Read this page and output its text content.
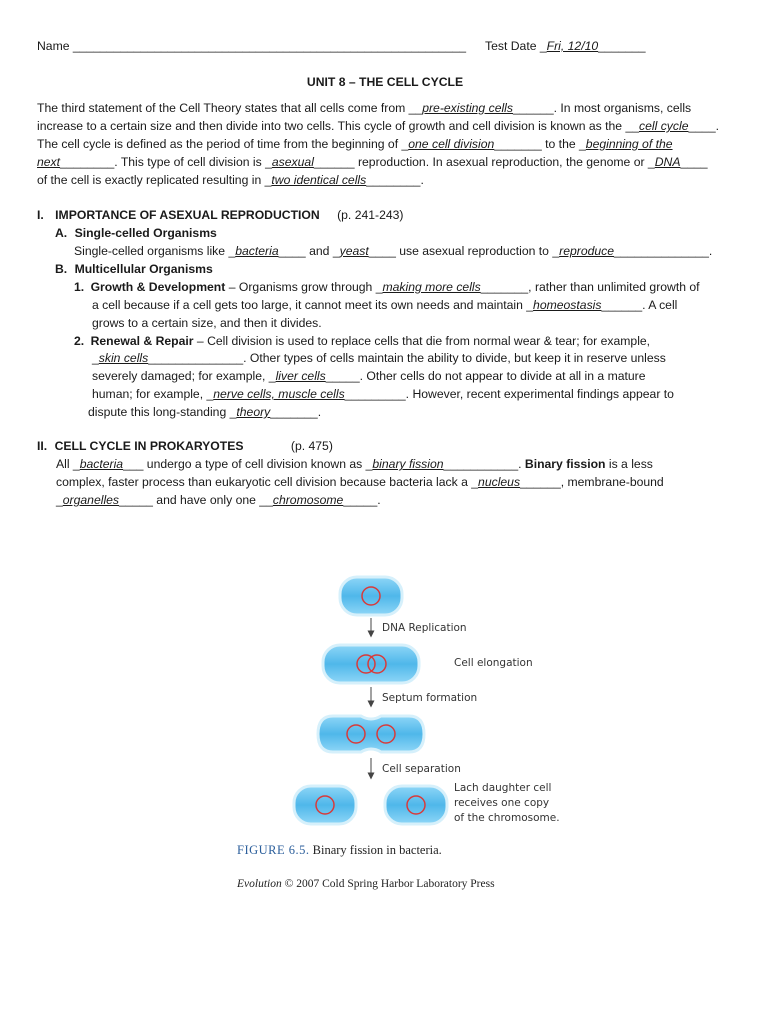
Name __________________________________________________________ Test Date _Fri, 12/10_______
UNIT 8 – THE CELL CYCLE
The third statement of the Cell Theory states that all cells come from __pre-existing cells______. In most organisms, cells
increase to a certain size and then divide into two cells. This cycle of growth and cell division is known as the __cell cycle____.
The cell cycle is defined as the period of time from the beginning of _one cell division_______ to the _beginning of the
next________. This type of cell division is _asexual______ reproduction. In asexual reproduction, the genome or _DNA____
of the cell is exactly replicated resulting in _two identical cells________.
I. IMPORTANCE OF ASEXUAL REPRODUCTION (p. 241-243)
A. Single-celled Organisms
Single-celled organisms like _bacteria____ and _yeast____ use asexual reproduction to _reproduce______________.
B. Multicellular Organisms
1. Growth & Development – Organisms grow through _making more cells_______, rather than unlimited growth of
a cell because if a cell gets too large, it cannot meet its own needs and maintain _homeostasis______. A cell
grows to a certain size, and then it divides.
2. Renewal & Repair – Cell division is used to replace cells that die from normal wear & tear; for example,
_skin cells______________. Other types of cells maintain the ability to divide, but keep it in reserve unless
severely damaged; for example, _liver cells_____. Other cells do not appear to divide at all in a mature
human; for example, _nerve cells, muscle cells_________. However, recent experimental findings appear to
dispute this long-standing _theory_______.
II. CELL CYCLE IN PROKARYOTES	(p. 475)
All _bacteria___ undergo a type of cell division known as _binary fission___________. Binary fission is a less
complex, faster process than eukaryotic cell division because bacteria lack a _nucleus______, membrane-bound
_organelles_____ and have only one __chromosome_____.
DNA Replication
Cell elongation
Septum formation
Cell separation
Lach daughter cell
receives one copy
of the chromosome.
FIGURE 6.5. Binary fission in bacteria.
Evolution © 2007 Cold Spring Harbor Laboratory Press
